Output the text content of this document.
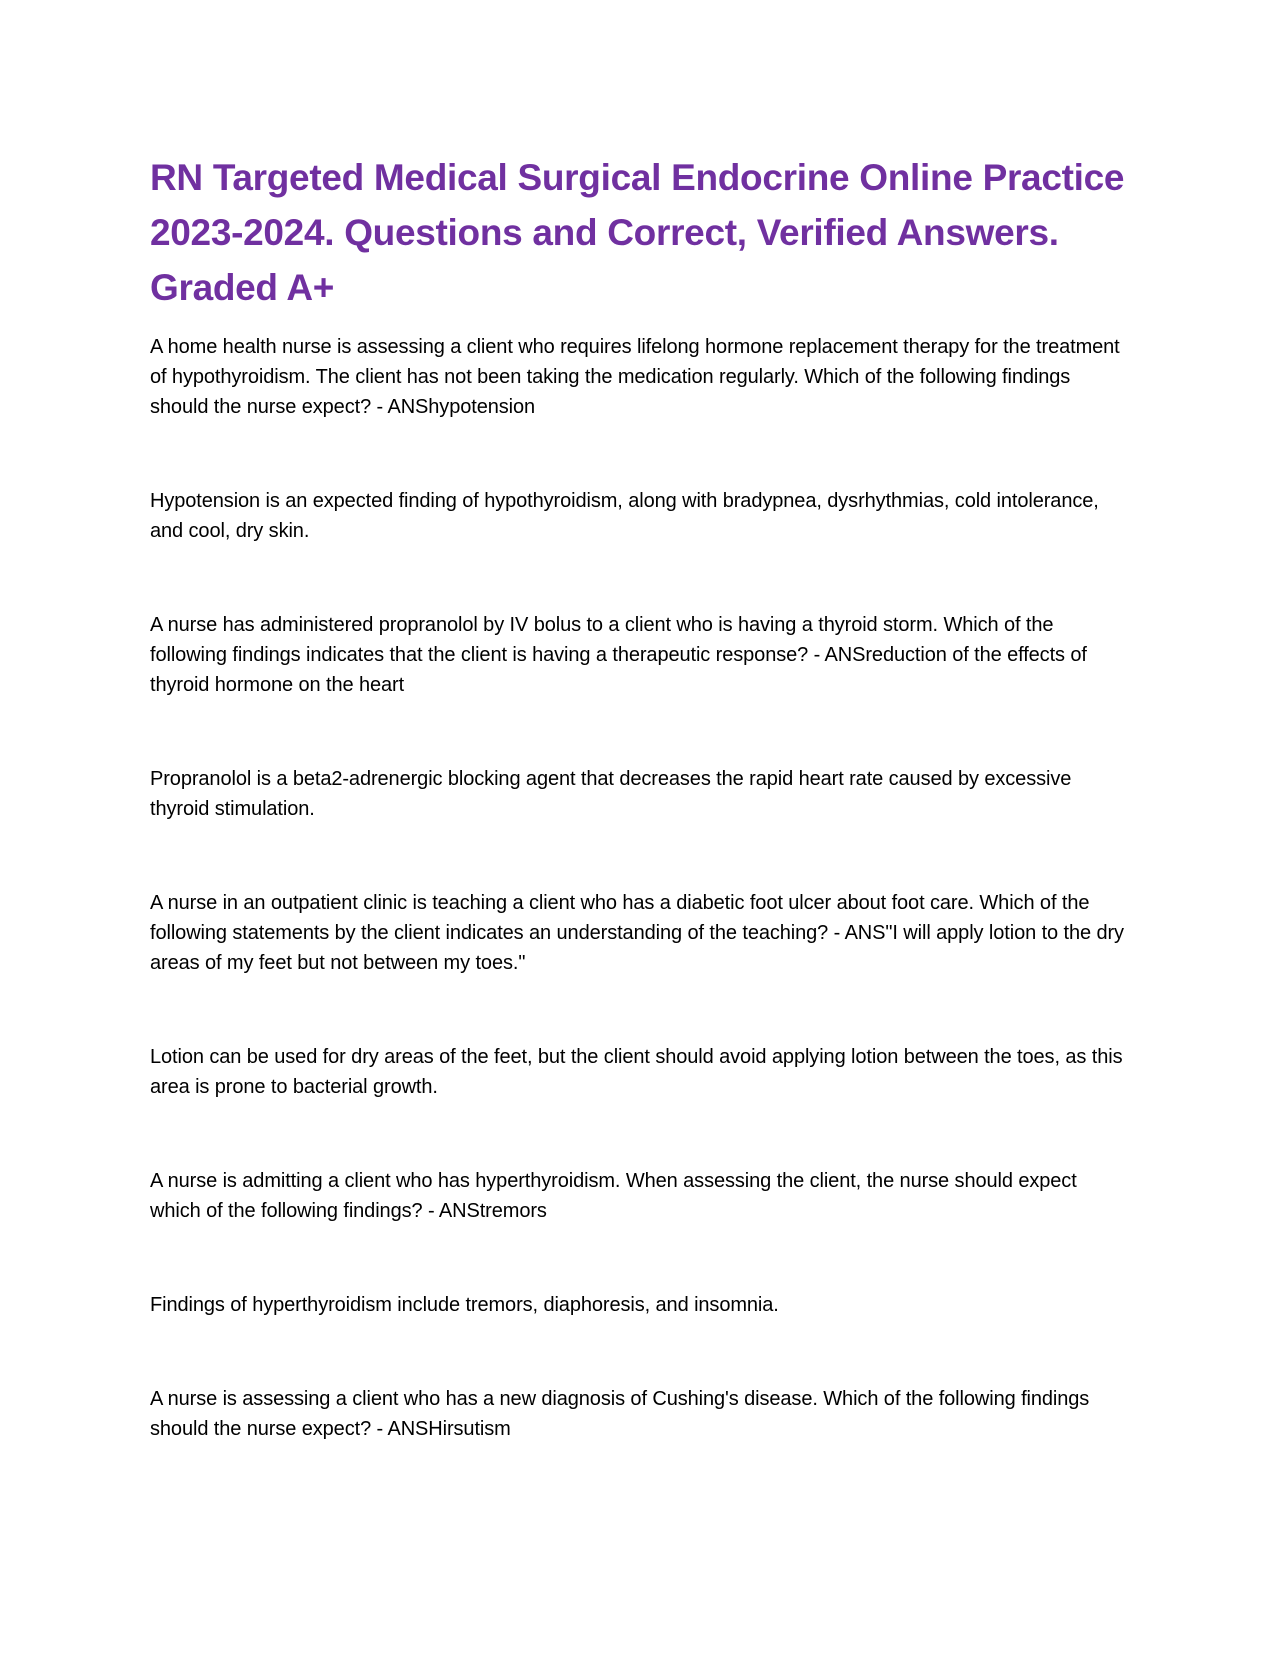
RN Targeted Medical Surgical Endocrine Online Practice 2023-2024. Questions and Correct, Verified Answers. Graded A+

A home health nurse is assessing a client who requires lifelong hormone replacement therapy for the treatment of hypothyroidism. The client has not been taking the medication regularly. Which of the following findings should the nurse expect? - ANShypotension

Hypotension is an expected finding of hypothyroidism, along with bradypnea, dysrhythmias, cold intolerance, and cool, dry skin.

A nurse has administered propranolol by IV bolus to a client who is having a thyroid storm. Which of the following findings indicates that the client is having a therapeutic response? - ANSreduction of the effects of thyroid hormone on the heart

Propranolol is a beta2-adrenergic blocking agent that decreases the rapid heart rate caused by excessive thyroid stimulation.

A nurse in an outpatient clinic is teaching a client who has a diabetic foot ulcer about foot care. Which of the following statements by the client indicates an understanding of the teaching? - ANS"I will apply lotion to the dry areas of my feet but not between my toes."

Lotion can be used for dry areas of the feet, but the client should avoid applying lotion between the toes, as this area is prone to bacterial growth.

A nurse is admitting a client who has hyperthyroidism. When assessing the client, the nurse should expect which of the following findings? - ANStremors

Findings of hyperthyroidism include tremors, diaphoresis, and insomnia.

A nurse is assessing a client who has a new diagnosis of Cushing's disease. Which of the following findings should the nurse expect? - ANSHirsutism
